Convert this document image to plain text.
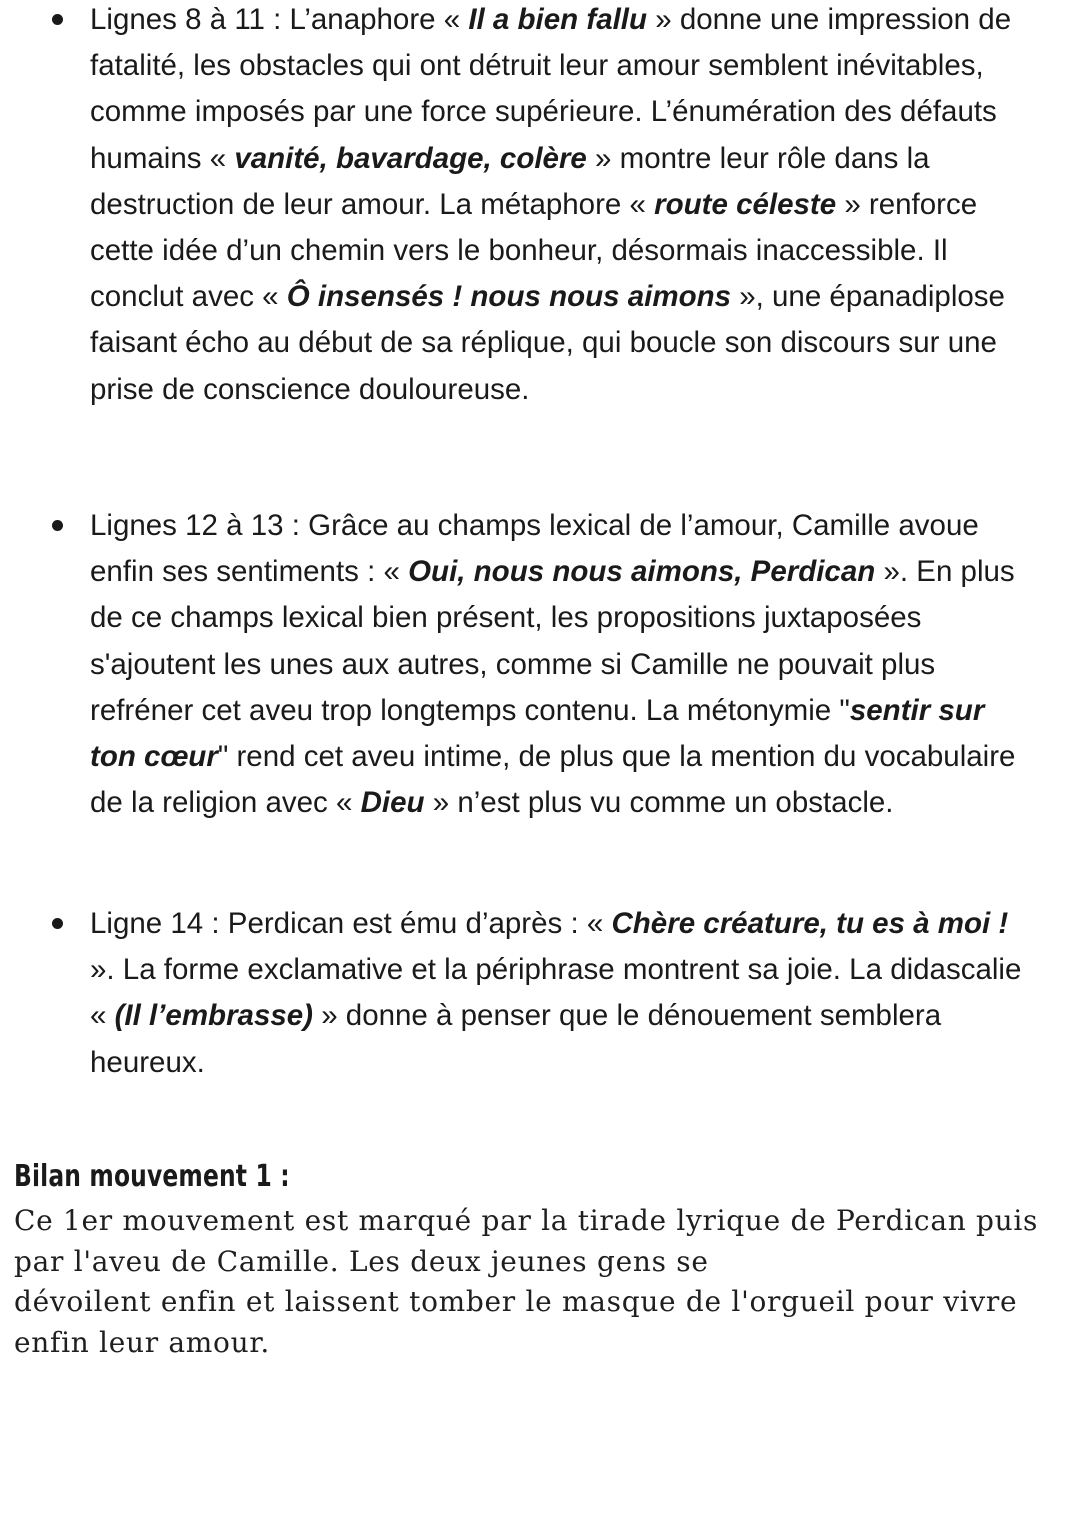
Lignes 8 à 11 : L’anaphore « Il a bien fallu » donne une impression de fatalité, les obstacles qui ont détruit leur amour semblent inévitables, comme imposés par une force supérieure. L’énumération des défauts humains « vanité, bavardage, colère » montre leur rôle dans la destruction de leur amour. La métaphore « route céleste » renforce cette idée d’un chemin vers le bonheur, désormais inaccessible. Il conclut avec « Ô insensés ! nous nous aimons », une épanadiplose faisant écho au début de sa réplique, qui boucle son discours sur une prise de conscience douloureuse.

Lignes 12 à 13 : Grâce au champs lexical de l’amour, Camille avoue enfin ses sentiments : « Oui, nous nous aimons, Perdican ». En plus de ce champs lexical bien présent, les propositions juxtaposées s'ajoutent les unes aux autres, comme si Camille ne pouvait plus refréner cet aveu trop longtemps contenu. La métonymie "sentir sur ton cœur" rend cet aveu intime, de plus que la mention du vocabulaire de la religion avec « Dieu » n’est plus vu comme un obstacle.

Ligne 14 : Perdican est ému d’après : « Chère créature, tu es à moi ! ». La forme exclamative et la périphrase montrent sa joie. La didascalie « (Il l’embrasse) » donne à penser que le dénouement semblera heureux.

Bilan mouvement 1 :

Ce 1er mouvement est marqué par la tirade lyrique de Perdican puis
par l'aveu de Camille. Les deux jeunes gens se
dévoilent enfin et laissent tomber le masque de l'orgueil pour vivre
enfin leur amour.
